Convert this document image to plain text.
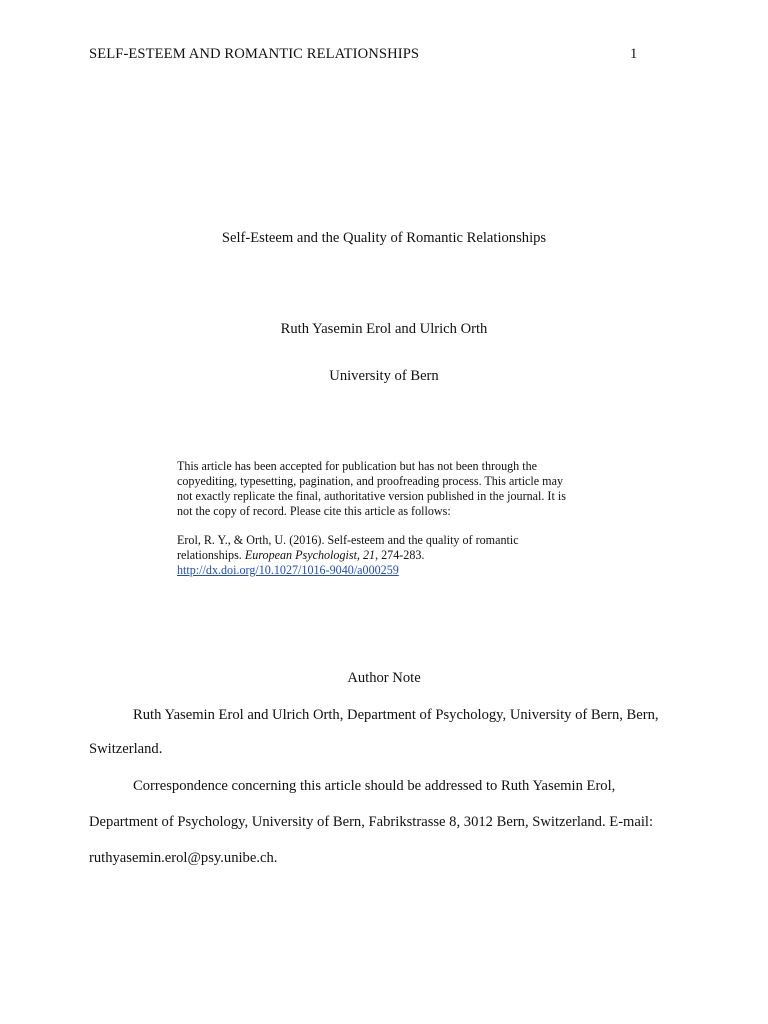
SELF-ESTEEM AND ROMANTIC RELATIONSHIPS	1
Self-Esteem and the Quality of Romantic Relationships
Ruth Yasemin Erol and Ulrich Orth
University of Bern

This article has been accepted for publication but has not been through the

copyediting, typesetting, pagination, and proofreading process. This article may

not exactly replicate the final, authoritative version published in the journal. It is

not the copy of record. Please cite this article as follows:

Erol, R. Y., & Orth, U. (2016). Self-esteem and the quality of romantic
relationships. European Psychologist, 21, 274-283.
http://dx.doi.org/10.1027/1016-9040/a000259
Author Note
Ruth Yasemin Erol and Ulrich Orth, Department of Psychology, University of Bern, Bern,
Switzerland.
Correspondence concerning this article should be addressed to Ruth Yasemin Erol,
Department of Psychology, University of Bern, Fabrikstrasse 8, 3012 Bern, Switzerland. E-mail:
ruthyasemin.erol@psy.unibe.ch.
